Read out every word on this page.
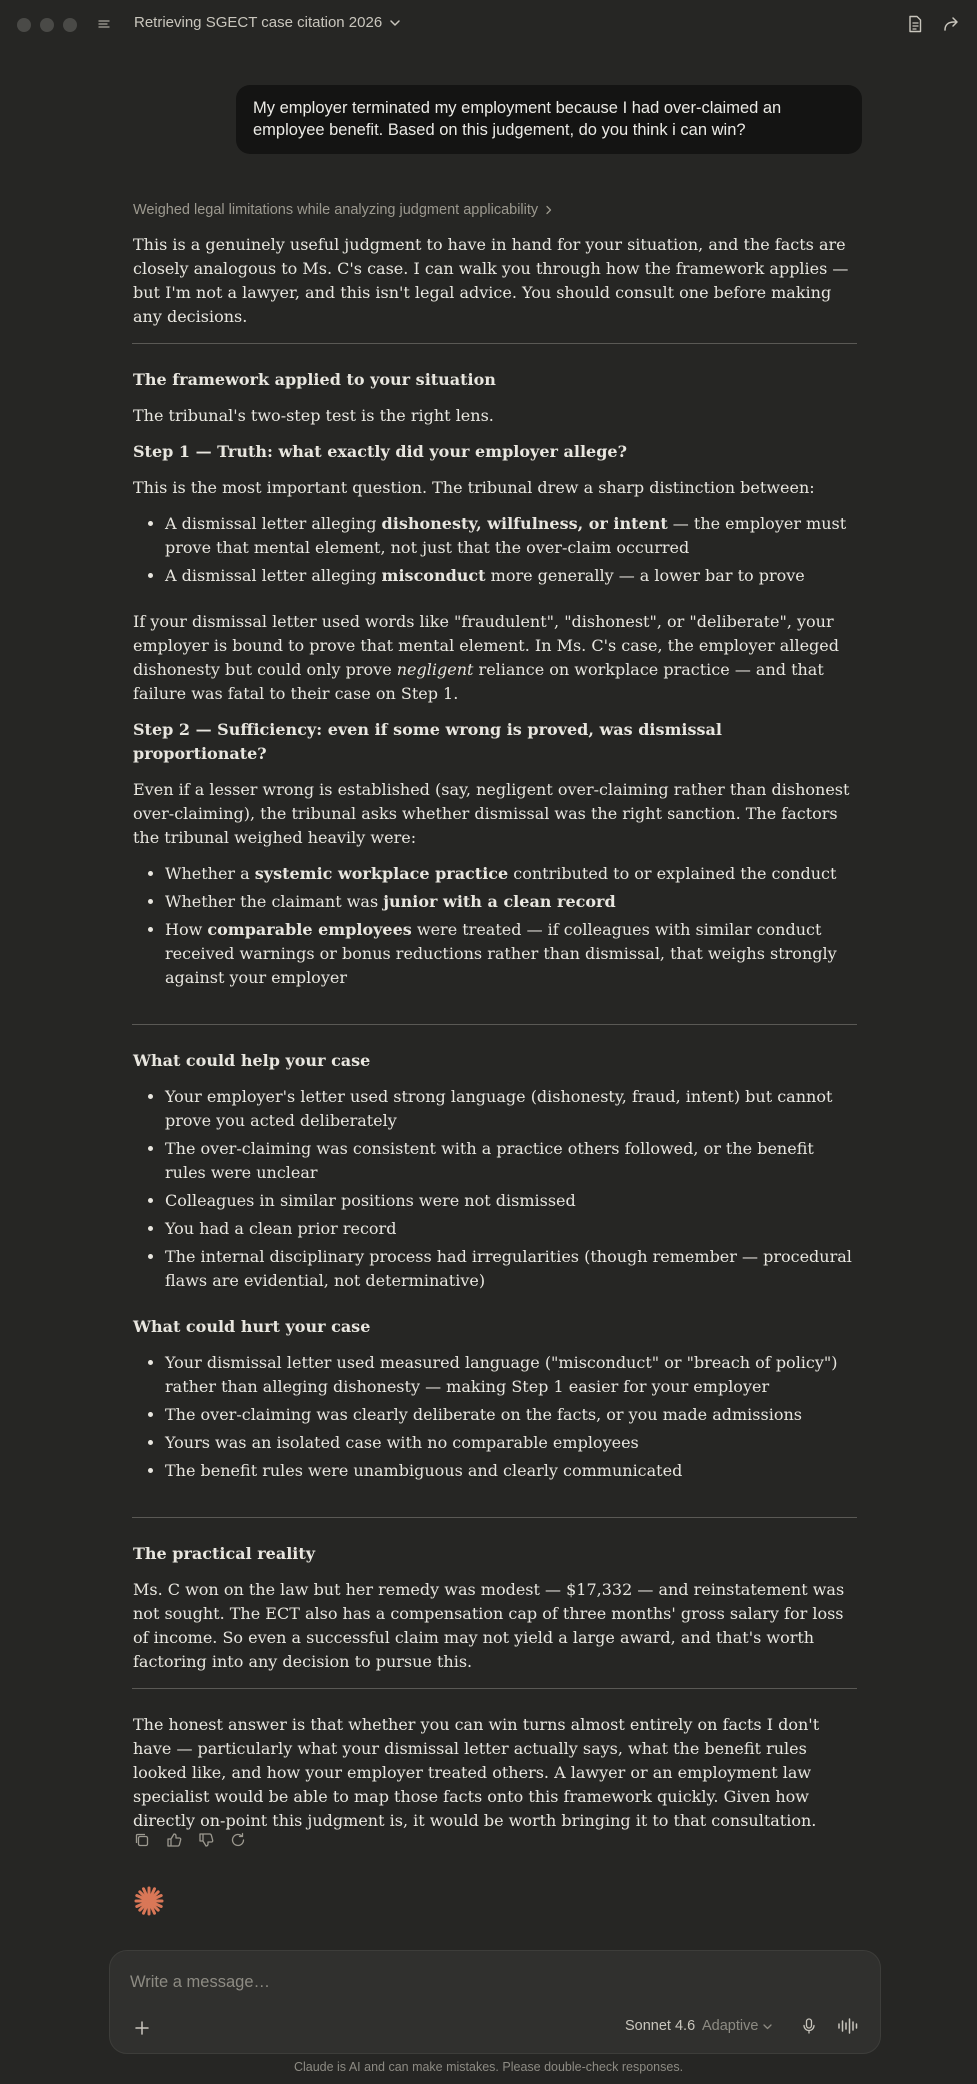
Retrieving SGECT case citation 2026
My employer terminated my employment because I had over-claimed an employee benefit. Based on this judgement, do you think i can win?
Weighed legal limitations while analyzing judgment applicability

This is a genuinely useful judgment to have in hand for your situation, and the facts are closely analogous to Ms. C's case. I can walk you through how the framework applies — but I'm not a lawyer, and this isn't legal advice. You should consult one before making any decisions.

The framework applied to your situation

The tribunal's two-step test is the right lens.

Step 1 — Truth: what exactly did your employer allege?

This is the most important question. The tribunal drew a sharp distinction between:

• A dismissal letter alleging dishonesty, wilfulness, or intent — the employer must prove that mental element, not just that the over-claim occurred
• A dismissal letter alleging misconduct more generally — a lower bar to prove

If your dismissal letter used words like "fraudulent", "dishonest", or "deliberate", your employer is bound to prove that mental element. In Ms. C's case, the employer alleged dishonesty but could only prove negligent reliance on workplace practice — and that failure was fatal to their case on Step 1.

Step 2 — Sufficiency: even if some wrong is proved, was dismissal proportionate?

Even if a lesser wrong is established (say, negligent over-claiming rather than dishonest over-claiming), the tribunal asks whether dismissal was the right sanction. The factors the tribunal weighed heavily were:

• Whether a systemic workplace practice contributed to or explained the conduct
• Whether the claimant was junior with a clean record
• How comparable employees were treated — if colleagues with similar conduct received warnings or bonus reductions rather than dismissal, that weighs strongly against your employer
What could help your case
• Your employer's letter used strong language (dishonesty, fraud, intent) but cannot prove you acted deliberately
• The over-claiming was consistent with a practice others followed, or the benefit rules were unclear
• Colleagues in similar positions were not dismissed
• You had a clean prior record
• The internal disciplinary process had irregularities (though remember — procedural flaws are evidential, not determinative)
What could hurt your case
• Your dismissal letter used measured language ("misconduct" or "breach of policy") rather than alleging dishonesty — making Step 1 easier for your employer
• The over-claiming was clearly deliberate on the facts, or you made admissions
• Yours was an isolated case with no comparable employees
• The benefit rules were unambiguous and clearly communicated
The practical reality

Ms. C won on the law but her remedy was modest — $17,332 — and reinstatement was not sought. The ECT also has a compensation cap of three months' gross salary for loss of income. So even a successful claim may not yield a large award, and that's worth factoring into any decision to pursue this.

The honest answer is that whether you can win turns almost entirely on facts I don't have — particularly what your dismissal letter actually says, what the benefit rules looked like, and how your employer treated others. A lawyer or an employment law specialist would be able to map those facts onto this framework quickly. Given how directly on-point this judgment is, it would be worth bringing it to that consultation.

Write a message…
Sonnet 4.6 Adaptive
Claude is AI and can make mistakes. Please double-check responses.
